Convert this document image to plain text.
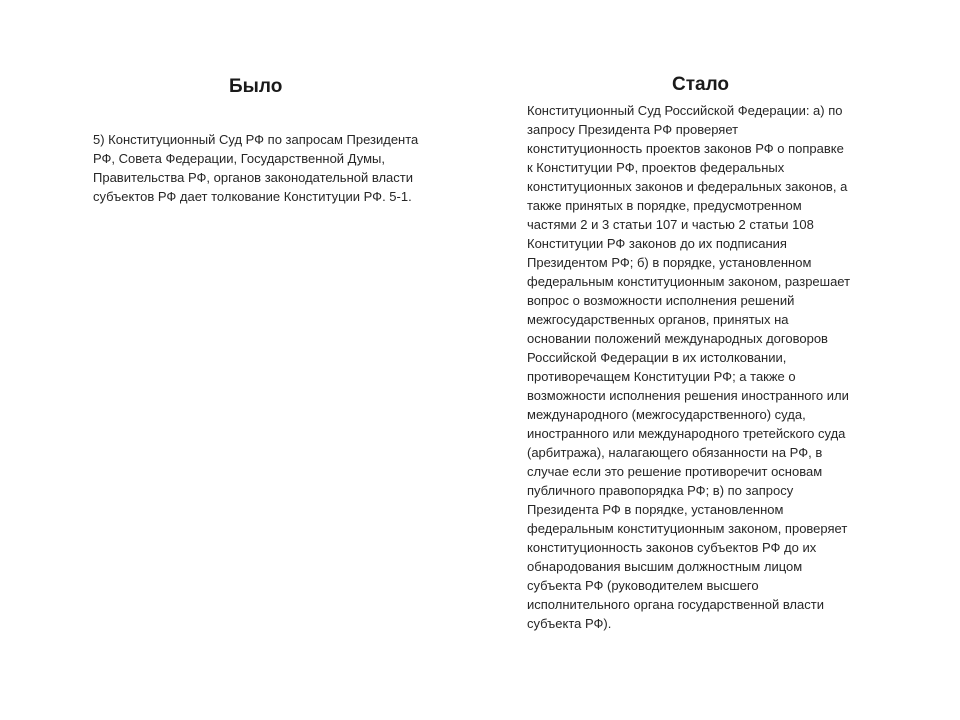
Было
5) Конституционный Суд РФ по запросам Президента
РФ, Совета Федерации, Государственной Думы,
Правительства РФ, органов законодательной власти
субъектов РФ дает толкование Конституции РФ. 5-1.
Стало
Конституционный Суд Российской Федерации: а) по
запросу Президента РФ проверяет
конституционность проектов законов РФ о поправке
к Конституции РФ, проектов федеральных
конституционных законов и федеральных законов, а
также принятых в порядке, предусмотренном
частями 2 и 3 статьи 107 и частью 2 статьи 108
Конституции РФ законов до их подписания
Президентом РФ; б) в порядке, установленном
федеральным конституционным законом, разрешает
вопрос о возможности исполнения решений
межгосударственных органов, принятых на
основании положений международных договоров
Российской Федерации в их истолковании,
противоречащем Конституции РФ; а также о
возможности исполнения решения иностранного или
международного (межгосударственного) суда,
иностранного или международного третейского суда
(арбитража), налагающего обязанности на РФ, в
случае если это решение противоречит основам
публичного правопорядка РФ; в) по запросу
Президента РФ в порядке, установленном
федеральным конституционным законом, проверяет
конституционность законов субъектов РФ до их
обнародования высшим должностным лицом
субъекта РФ (руководителем высшего
исполнительного органа государственной власти
субъекта РФ).
